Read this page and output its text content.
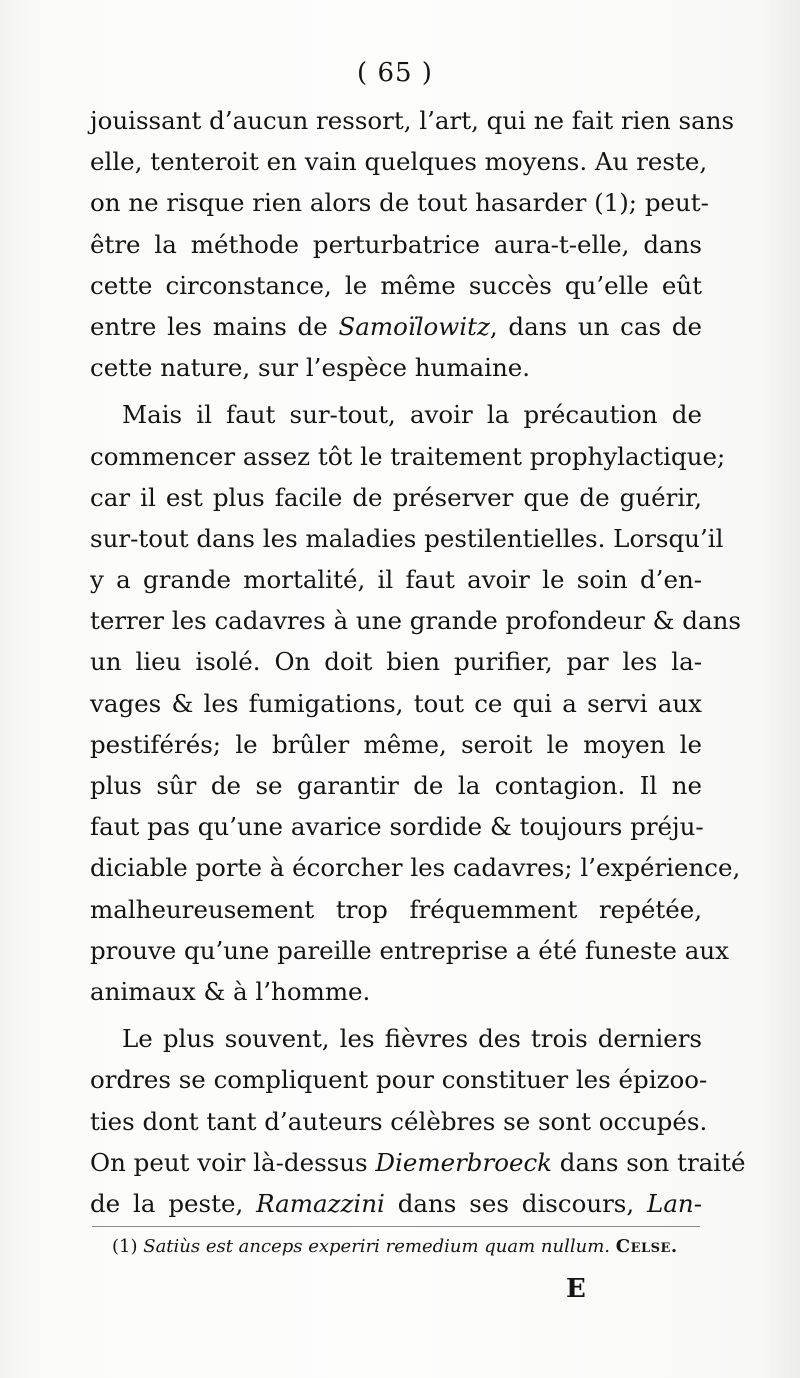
( 65 )
jouissant d’aucun ressort, l’art, qui ne fait rien sans
elle, tenteroit en vain quelques moyens. Au reste,
on ne risque rien alors de tout hasarder (1); peut-
être la méthode perturbatrice aura-t-elle, dans
cette circonstance, le même succès qu’elle eût
entre les mains de Samoïlowitz, dans un cas de
cette nature, sur l’espèce humaine.
Mais il faut sur-tout, avoir la précaution de
commencer assez tôt le traitement prophylactique;
car il est plus facile de préserver que de guérir,
sur-tout dans les maladies pestilentielles. Lorsqu’il
y a grande mortalité, il faut avoir le soin d’en-
terrer les cadavres à une grande profondeur & dans
un lieu isolé. On doit bien purifier, par les la-
vages & les fumigations, tout ce qui a servi aux
pestiférés; le brûler même, seroit le moyen le
plus sûr de se garantir de la contagion. Il ne
faut pas qu’une avarice sordide & toujours préju-
diciable porte à écorcher les cadavres; l’expérience,
malheureusement trop fréquemment repétée,
prouve qu’une pareille entreprise a été funeste aux
animaux & à l’homme.
Le plus souvent, les fièvres des trois derniers
ordres se compliquent pour constituer les épizoo-
ties dont tant d’auteurs célèbres se sont occupés.
On peut voir là-dessus Diemerbroeck dans son traité
de la peste, Ramazzini dans ses discours, Lan-
(1) Satiùs est anceps experiri remedium quam nullum. Celse.
E
